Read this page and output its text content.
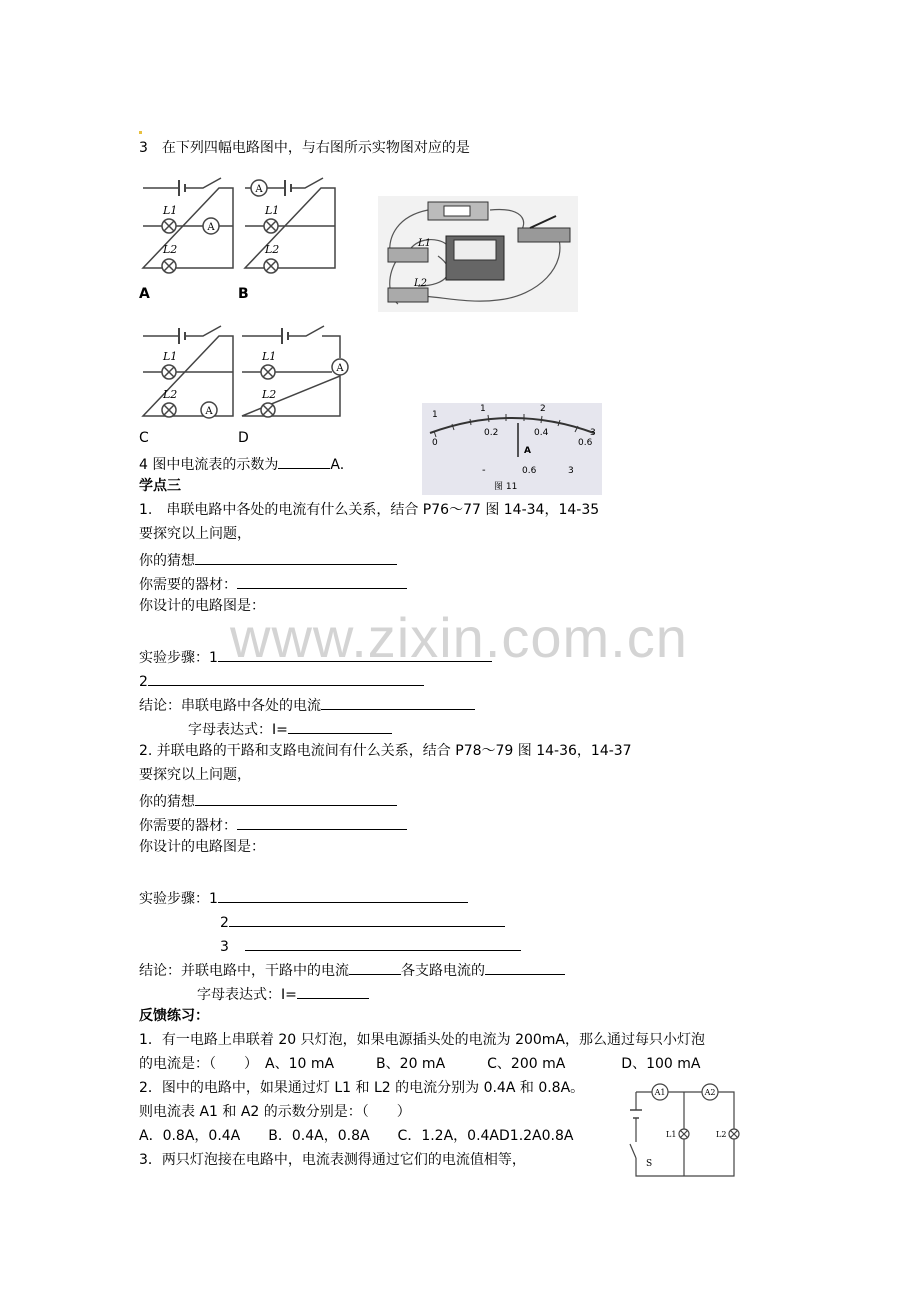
3　在下列四幅电路图中，与右图所示实物图对应的是
A
L1
L2
A
A
L1
L2
B
L1
L2
A
L1
L2
C
A
L1
L2
D
1
1	2
3
0
0.2	0.4
0.6
A
-	0.6	3
图 11
4 图中电流表的示数为	A.
学点三
1.　串联电路中各处的电流有什么关系，结合 P76～77 图 14-34，14-35
要探究以上问题，
你的猜想
你需要的器材：
你设计的电路图是：
www.zixin.com.cn
实验步骤：1
2
结论：串联电路中各处的电流
字母表达式：I=
2. 并联电路的干路和支路电流间有什么关系，结合 P78～79 图 14-36，14-37
要探究以上问题，
你的猜想
你需要的器材：
你设计的电路图是：
实验步骤：1
2
3
结论：并联电路中，干路中的电流	各支路电流的
字母表达式：I=
反馈练习：
1．有一电路上串联着 20 只灯泡，如果电源插头处的电流为 200mA，那么通过每只小灯泡
的电流是：（　　）　A、10 mA　　　B、20 mA　　　C、200 mA　　　　D、100 mA
2．图中的电路中，如果通过灯 L1 和 L2 的电流分别为 0.4A 和 0.8A。
则电流表 A1 和 A2 的示数分别是：（　　）
A．0.8A，0.4A　　B．0.4A，0.8A　　C．1.2A，0.4AD1.2A0.8A
3．两只灯泡接在电路中，电流表测得通过它们的电流值相等，
A1	A2
L1	L2
S
